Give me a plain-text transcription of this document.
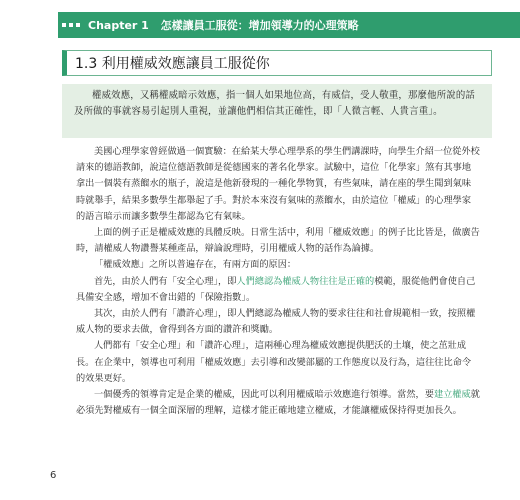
Chapter 1 怎樣讓員工服從：增加領導力的心理策略
1.3 利用權威效應讓員工服從你

權威效應，又稱權威暗示效應，指一個人如果地位高，有威信，受人敬重，那麼他所說的話及所做的事就容易引起別人重視，並讓他們相信其正確性，即「人微言輕、人貴言重」。

美國心理學家曾經做過一個實驗：在給某大學心理學系的學生們講課時，向學生介紹一位從外校請來的德語教師，說這位德語教師是從德國來的著名化學家。試驗中，這位「化學家」煞有其事地拿出一個裝有蒸餾水的瓶子，說這是他新發現的一種化學物質，有些氣味，請在座的學生聞到氣味時就舉手，結果多數學生都舉起了手。對於本來沒有氣味的蒸餾水，由於這位「權威」的心理學家的語言暗示而讓多數學生都認為它有氣味。

上面的例子正是權威效應的具體反映。日常生活中，利用「權威效應」的例子比比皆是，做廣告時，請權威人物讚譽某種產品，辯論說理時，引用權威人物的話作為論據。

「權威效應」之所以普遍存在，有兩方面的原因：

首先，由於人們有「安全心理」，即人們總認為權威人物往往是正確的模範，服從他們會使自己具備安全感，增加不會出錯的「保險指數」。

其次，由於人們有「讚許心理」，即人們總認為權威人物的要求往往和社會規範相一致，按照權威人物的要求去做，會得到各方面的讚許和獎勵。

人們都有「安全心理」和「讚許心理」，這兩種心理為權威效應提供肥沃的土壤，使之茁壯成長。在企業中，領導也可利用「權威效應」去引導和改變部屬的工作態度以及行為，這往往比命令的效果更好。

一個優秀的領導肯定是企業的權威，因此可以利用權威暗示效應進行領導。當然，要建立權威就必須先對權威有一個全面深層的理解，這樣才能正確地建立權威，才能讓權威保持得更加長久。

6
